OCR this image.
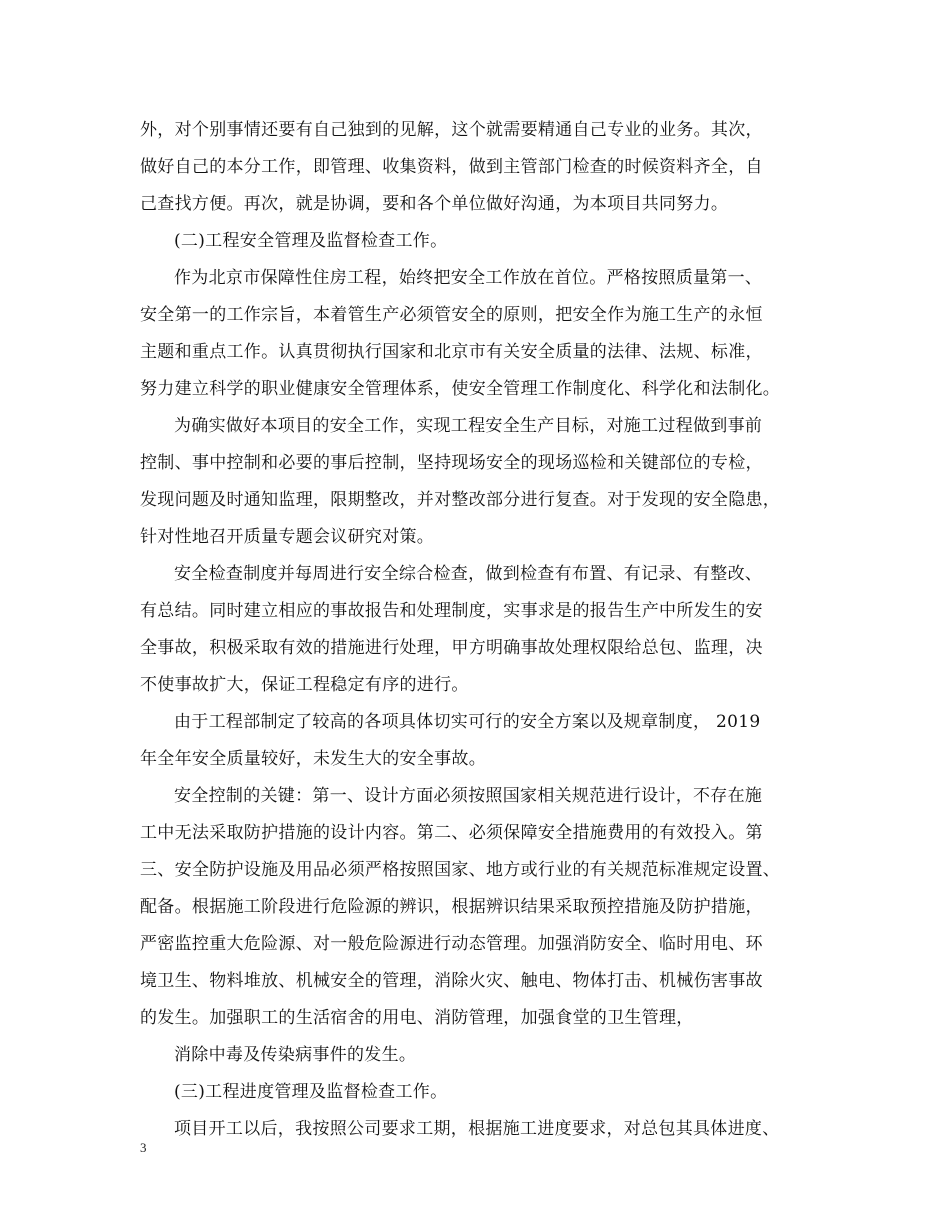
外，对个别事情还要有自己独到的见解，这个就需要精通自己专业的业务。其次，
做好自己的本分工作，即管理、收集资料，做到主管部门检查的时候资料齐全，自
己查找方便。再次，就是协调，要和各个单位做好沟通，为本项目共同努力。
(二)工程安全管理及监督检查工作。
作为北京市保障性住房工程，始终把安全工作放在首位。严格按照质量第一、
安全第一的工作宗旨，本着管生产必须管安全的原则，把安全作为施工生产的永恒
主题和重点工作。认真贯彻执行国家和北京市有关安全质量的法律、法规、标准，
努力建立科学的职业健康安全管理体系，使安全管理工作制度化、科学化和法制化。
为确实做好本项目的安全工作，实现工程安全生产目标，对施工过程做到事前
控制、事中控制和必要的事后控制，坚持现场安全的现场巡检和关键部位的专检，
发现问题及时通知监理，限期整改，并对整改部分进行复查。对于发现的安全隐患，
针对性地召开质量专题会议研究对策。
安全检查制度并每周进行安全综合检查，做到检查有布置、有记录、有整改、
有总结。同时建立相应的事故报告和处理制度，实事求是的报告生产中所发生的安
全事故，积极采取有效的措施进行处理，甲方明确事故处理权限给总包、监理，决
不使事故扩大，保证工程稳定有序的进行。
由于工程部制定了较高的各项具体切实可行的安全方案以及规章制度， 2019
年全年安全质量较好，未发生大的安全事故。
安全控制的关键：第一、设计方面必须按照国家相关规范进行设计，不存在施
工中无法采取防护措施的设计内容。第二、必须保障安全措施费用的有效投入。第
三、安全防护设施及用品必须严格按照国家、地方或行业的有关规范标准规定设置、
配备。根据施工阶段进行危险源的辨识，根据辨识结果采取预控措施及防护措施，
严密监控重大危险源、对一般危险源进行动态管理。加强消防安全、临时用电、环
境卫生、物料堆放、机械安全的管理，消除火灾、触电、物体打击、机械伤害事故
的发生。加强职工的生活宿舍的用电、消防管理，加强食堂的卫生管理，
消除中毒及传染病事件的发生。
(三)工程进度管理及监督检查工作。
项目开工以后，我按照公司要求工期，根据施工进度要求，对总包其具体进度、
3
